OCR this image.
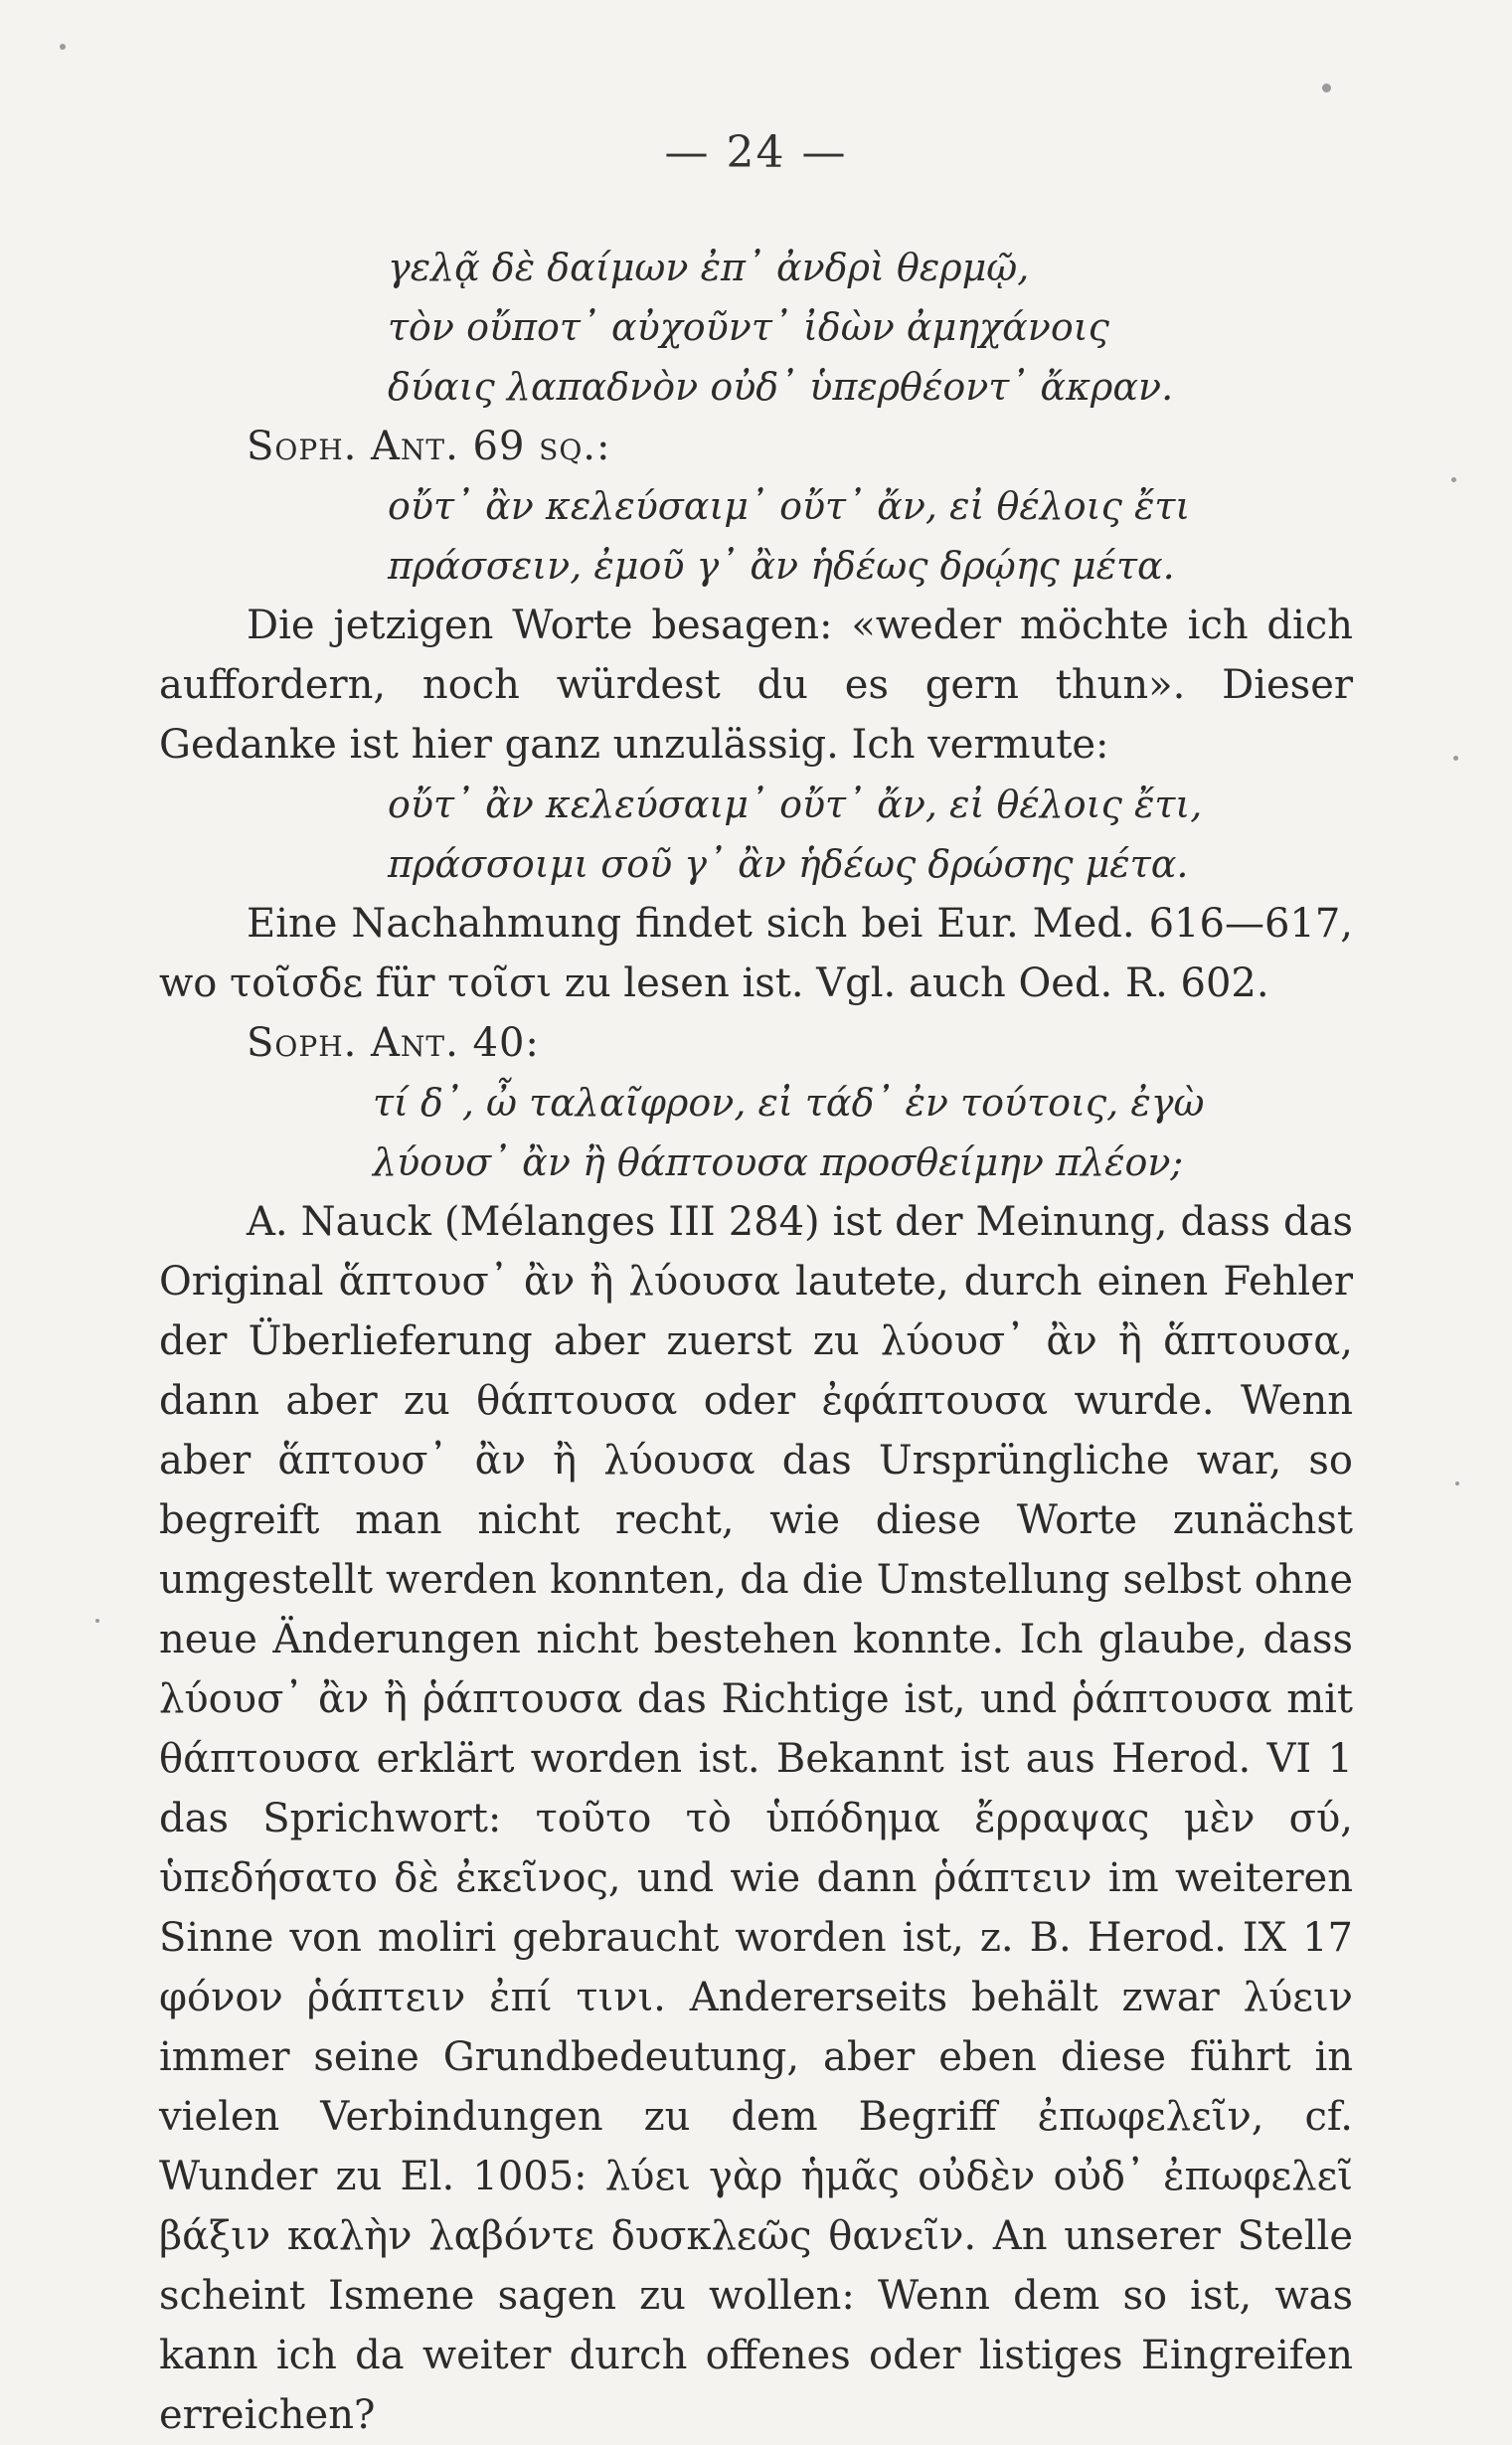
— 24 —
γελᾷ δὲ δαίμων ἐπ᾽ ἀνδρὶ θερμῷ,
τὸν οὔποτ᾽ αὐχοῦντ᾽ ἰδὼν ἀμηχάνοις
δύαις λαπαδνὸν οὐδ᾽ ὑπερθέοντ᾽ ἄκραν.
Soph. Ant. 69 sq.:
οὔτ᾽ ἂν κελεύσαιμ᾽ οὔτ᾽ ἄν, εἰ θέλοις ἔτι
πράσσειν, ἐμοῦ γ᾽ ἂν ἡδέως δρῴης μέτα.

Die jetzigen Worte besagen: «weder möchte ich dich auffordern, noch würdest du es gern thun». Dieser Gedanke ist hier ganz unzulässig. Ich vermute:

οὔτ᾽ ἂν κελεύσαιμ᾽ οὔτ᾽ ἄν, εἰ θέλοις ἔτι,
πράσσοιμι σοῦ γ᾽ ἂν ἡδέως δρώσης μέτα.

Eine Nachahmung findet sich bei Eur. Med. 616—617, wo τοῖσδε für τοῖσι zu lesen ist. Vgl. auch Oed. R. 602.

Soph. Ant. 40:
τί δ᾽, ὦ ταλαῖφρον, εἰ τάδ᾽ ἐν τούτοις, ἐγὼ
λύουσ᾽ ἂν ἢ θάπτουσα προσθείμην πλέον;

A. Nauck (Mélanges III 284) ist der Meinung, dass das Original ἅπτουσ᾽ ἂν ἢ λύουσα lautete, durch einen Fehler der Überlieferung aber zuerst zu λύουσ᾽ ἂν ἢ ἅπτουσα, dann aber zu θάπτουσα oder ἐφάπτουσα wurde. Wenn aber ἅπτουσ᾽ ἂν ἢ λύουσα das Ursprüngliche war, so begreift man nicht recht, wie diese Worte zunächst umgestellt werden konnten, da die Umstellung selbst ohne neue Änderungen nicht bestehen konnte. Ich glaube, dass λύουσ᾽ ἂν ἢ ῥάπτουσα das Richtige ist, und ῥάπτουσα mit θάπτουσα erklärt worden ist. Bekannt ist aus Herod. VI 1 das Sprichwort: τοῦτο τὸ ὑπόδημα ἔρραψας μὲν σύ, ὑπεδήσατο δὲ ἐκεῖνος, und wie dann ῥάπτειν im weiteren Sinne von moliri gebraucht worden ist, z. B. Herod. IX 17 φόνον ῥάπτειν ἐπί τινι. Andererseits behält zwar λύειν immer seine Grundbedeutung, aber eben diese führt in vielen Verbindungen zu dem Begriff ἐπωφελεῖν, cf. Wunder zu El. 1005: λύει γὰρ ἡμᾶς οὐδὲν οὐδ᾽ ἐπωφελεῖ βάξιν καλὴν λαβόντε δυσκλεῶς θανεῖν. An unserer Stelle scheint Ismene sagen zu wollen: Wenn dem so ist, was kann ich da weiter durch offenes oder listiges Eingreifen erreichen?
